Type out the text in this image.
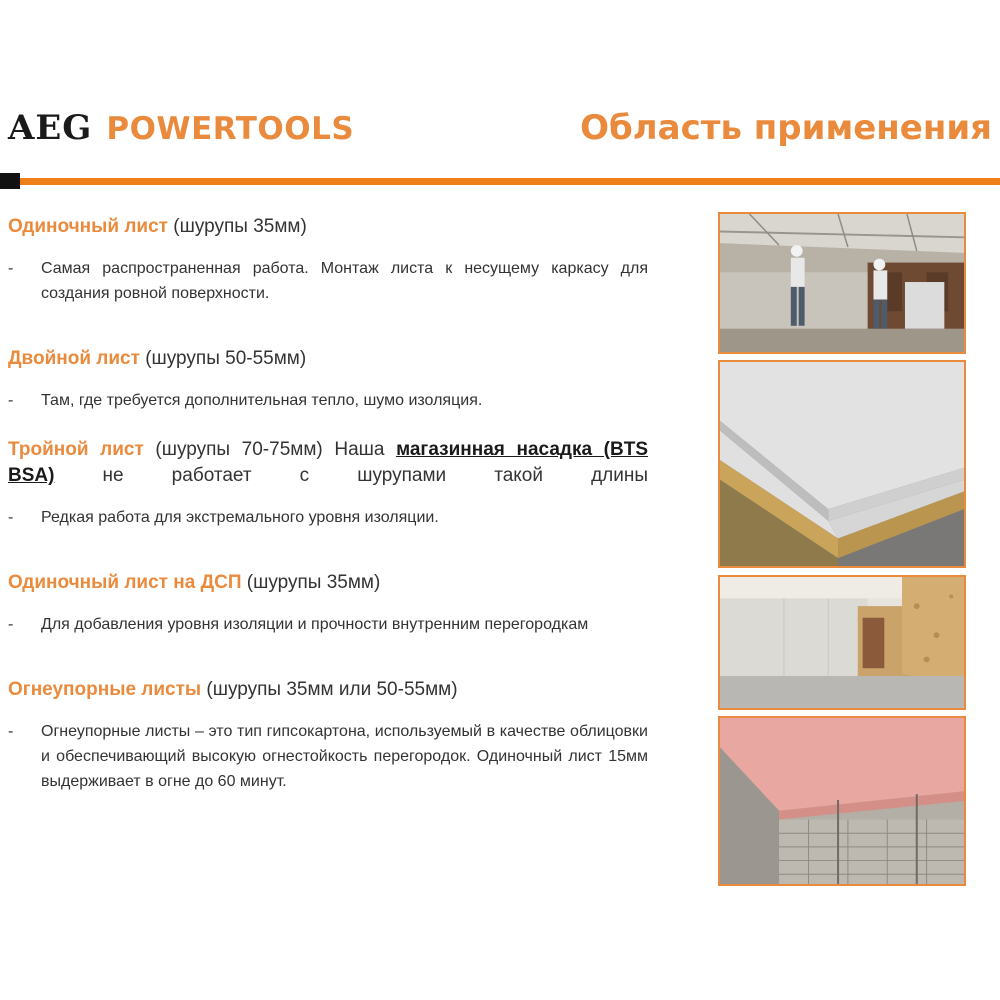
AEG POWERTOOLS	Область применения
Одиночный лист (шурупы 35мм)
-	Самая распространенная работа. Монтаж листа к несущему каркасу для создания ровной поверхности.
Двойной лист (шурупы 50-55мм)
-	Там, где требуется дополнительная тепло, шумо изоляция.
Тройной лист (шурупы 70-75мм) Наша магазинная насадка (BTS BSA) не работает с шурупами такой длины
-	Редкая работа для экстремального уровня изоляции.
Одиночный лист на ДСП (шурупы 35мм)
-	Для добавления уровня изоляции и прочности внутренним перегородкам
Огнеупорные листы (шурупы 35мм или 50-55мм)
-	Огнеупорные листы – это тип гипсокартона, используемый в качестве облицовки и обеспечивающий высокую огнестойкость перегородок. Одиночный лист 15мм выдерживает в огне до 60 минут.
